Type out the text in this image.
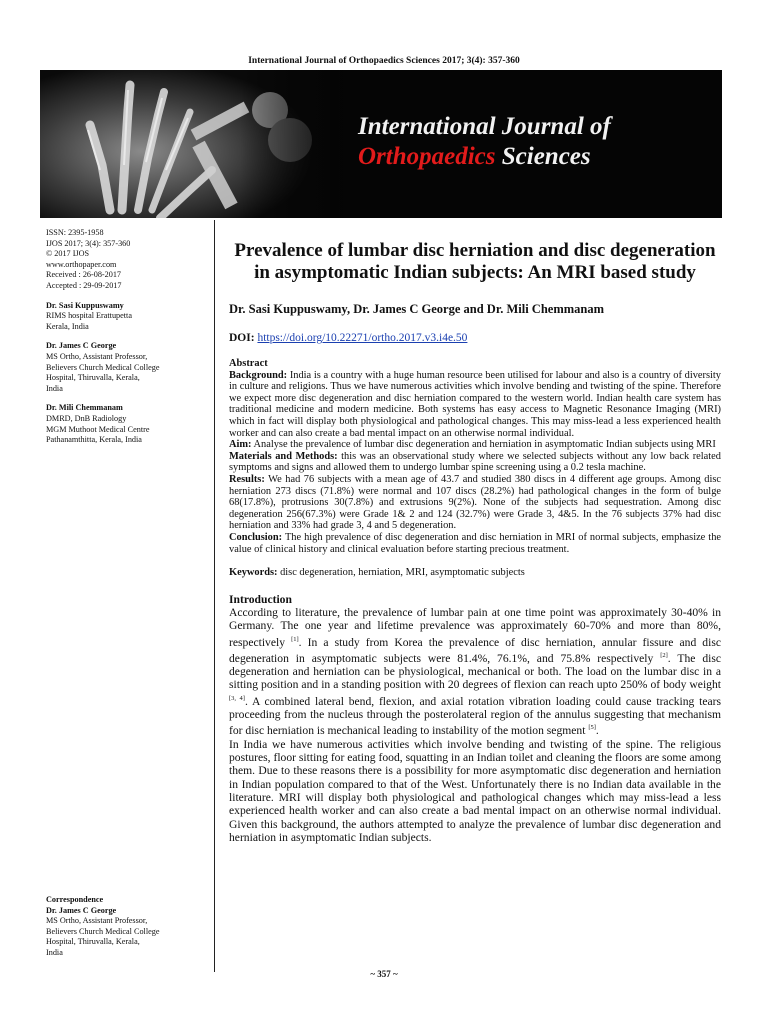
International Journal of Orthopaedics Sciences 2017; 3(4): 357-360
International Journal of
Orthopaedics Sciences
ISSN: 2395-1958
IJOS 2017; 3(4): 357-360
© 2017 IJOS
www.orthopaper.com
Received : 26-08-2017
Accepted : 29-09-2017
Dr. Sasi Kuppuswamy
RIMS hospital Erattupetta
Kerala, India
Dr. James C George
MS Ortho, Assistant Professor,
Believers Church Medical College
Hospital, Thiruvalla, Kerala,
India
Dr. Mili Chemmanam
DMRD, DnB Radiology
MGM Muthoot Medical Centre
Pathanamthitta, Kerala, India
Correspondence
Dr. James C George
MS Ortho, Assistant Professor,
Believers Church Medical College
Hospital, Thiruvalla, Kerala,
India
Prevalence of lumbar disc herniation and disc degeneration in asymptomatic Indian subjects: An MRI based study
Dr. Sasi Kuppuswamy, Dr. James C George and Dr. Mili Chemmanam
DOI: https://doi.org/10.22271/ortho.2017.v3.i4e.50

Abstract

Background: India is a country with a huge human resource been utilised for labour and also is a country of diversity in culture and religions. Thus we have numerous activities which involve bending and twisting of the spine. Therefore we expect more disc degeneration and disc herniation compared to the western world. Indian health care system has traditional medicine and modern medicine. Both systems has easy access to Magnetic Resonance Imaging (MRI) which in fact will display both physiological and pathological changes. This may miss-lead a less experienced health worker and can also create a bad mental impact on an otherwise normal individual.

Aim: Analyse the prevalence of lumbar disc degeneration and herniation in asymptomatic Indian subjects using MRI

Materials and Methods: this was an observational study where we selected subjects without any low back related symptoms and signs and allowed them to undergo lumbar spine screening using a 0.2 tesla machine.

Results: We had 76 subjects with a mean age of 43.7 and studied 380 discs in 4 different age groups. Among disc herniation 273 discs (71.8%) were normal and 107 discs (28.2%) had pathological changes in the form of bulge 68(17.8%), protrusions 30(7.8%) and extrusions 9(2%). None of the subjects had sequestration. Among disc degeneration 256(67.3%) were Grade 1& 2 and 124 (32.7%) were Grade 3, 4&5. In the 76 subjects 37% had disc herniation and 33% had grade 3, 4 and 5 degeneration.

Conclusion: The high prevalence of disc degeneration and disc herniation in MRI of normal subjects, emphasize the value of clinical history and clinical evaluation before starting precious treatment.

Keywords: disc degeneration, herniation, MRI, asymptomatic subjects

Introduction

According to literature, the prevalence of lumbar pain at one time point was approximately 30-40% in Germany. The one year and lifetime prevalence was approximately 60-70% and more than 80%, respectively [1]. In a study from Korea the prevalence of disc herniation, annular fissure and disc degeneration in asymptomatic subjects were 81.4%, 76.1%, and 75.8% respectively [2]. The disc degeneration and herniation can be physiological, mechanical or both. The load on the lumbar disc in a sitting position and in a standing position with 20 degrees of flexion can reach upto 250% of body weight [3, 4]. A combined lateral bend, flexion, and axial rotation vibration loading could cause tracking tears proceeding from the nucleus through the posterolateral region of the annulus suggesting that mechanism for disc herniation is mechanical leading to instability of the motion segment [5].

In India we have numerous activities which involve bending and twisting of the spine. The religious postures, floor sitting for eating food, squatting in an Indian toilet and cleaning the floors are some among them. Due to these reasons there is a possibility for more asymptomatic disc degeneration and herniation in Indian population compared to that of the West. Unfortunately there is no Indian data available in the literature. MRI will display both physiological and pathological changes which may miss-lead a less experienced health worker and can also create a bad mental impact on an otherwise normal individual. Given this background, the authors attempted to analyze the prevalence of lumbar disc degeneration and herniation in asymptomatic Indian subjects.

~ 357 ~
